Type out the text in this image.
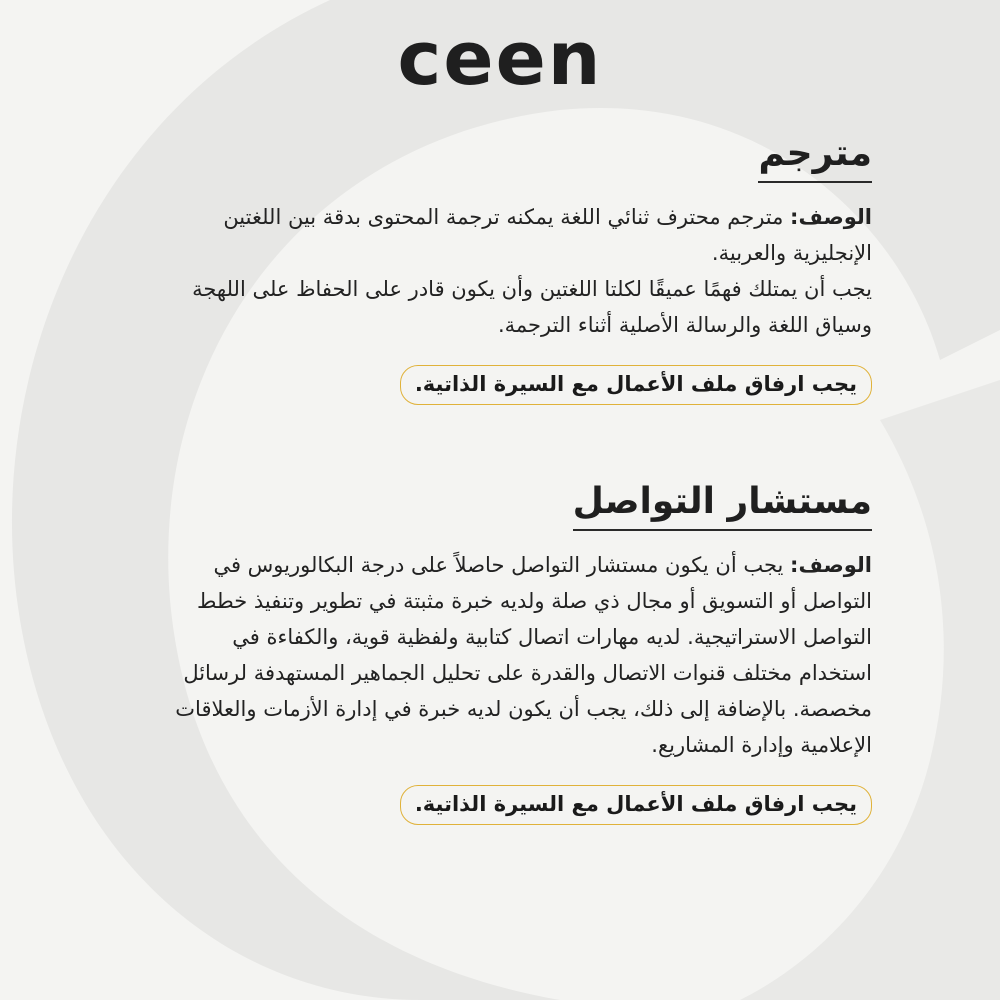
ceen
مترجم

الوصف: مترجم محترف ثنائي اللغة يمكنه ترجمة المحتوى بدقة بين اللغتين الإنجليزية والعربية.

يجب أن يمتلك فهمًا عميقًا لكلتا اللغتين وأن يكون قادر على الحفاظ على اللهجة وسياق اللغة والرسالة الأصلية أثناء الترجمة.

يجب ارفاق ملف الأعمال مع السيرة الذاتية.
مستشار التواصل

الوصف: يجب أن يكون مستشار التواصل حاصلاً على درجة البكالوريوس في التواصل أو التسويق أو مجال ذي صلة ولديه خبرة مثبتة في تطوير وتنفيذ خطط التواصل الاستراتيجية. لديه مهارات اتصال كتابية ولفظية قوية، والكفاءة في استخدام مختلف قنوات الاتصال والقدرة على تحليل الجماهير المستهدفة لرسائل مخصصة. بالإضافة إلى ذلك، يجب أن يكون لديه خبرة في إدارة الأزمات والعلاقات الإعلامية وإدارة المشاريع.

يجب ارفاق ملف الأعمال مع السيرة الذاتية.
